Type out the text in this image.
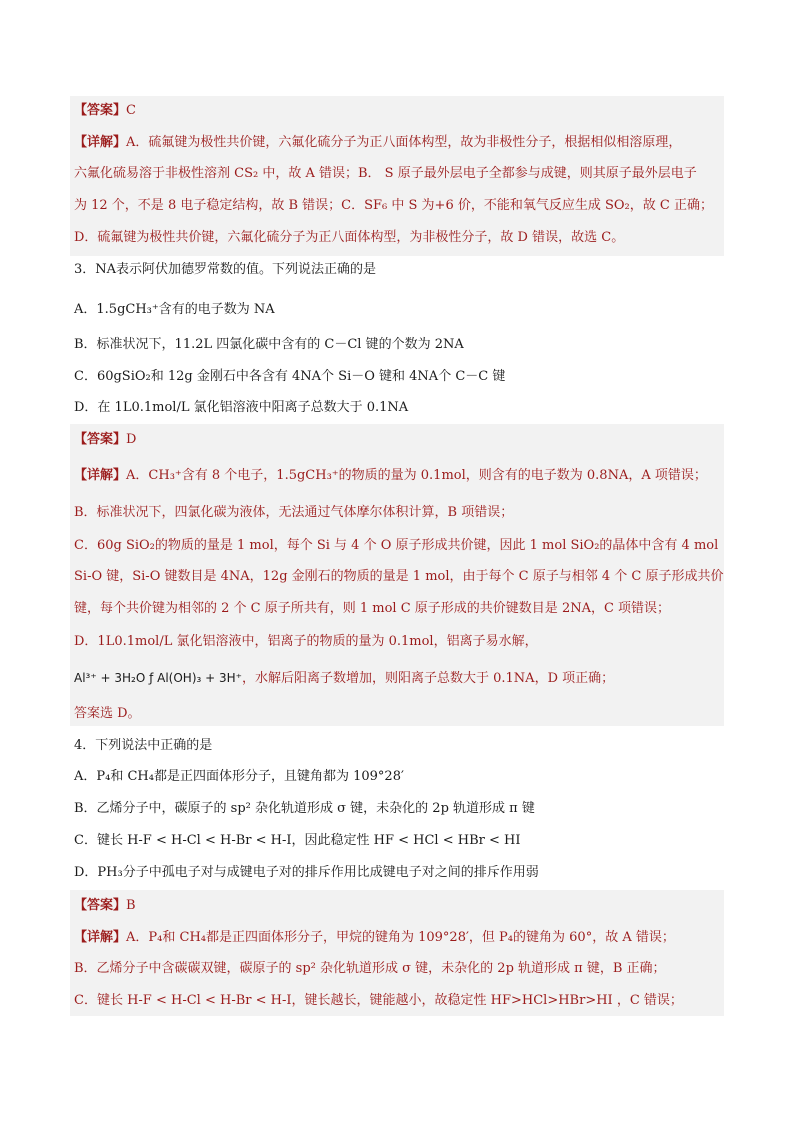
【答案】C
【详解】A．硫氟键为极性共价键，六氟化硫分子为正八面体构型，故为非极性分子，根据相似相溶原理，
六氟化硫易溶于非极性溶剂 CS₂ 中，故 A 错误；B． S 原子最外层电子全都参与成键，则其原子最外层电子
为 12 个，不是 8 电子稳定结构，故 B 错误；C．SF₆ 中 S 为+6 价，不能和氧气反应生成 SO₂，故 C 正确；
D．硫氟键为极性共价键，六氟化硫分子为正八面体构型，为非极性分子，故 D 错误，故选 C。
3．NA表示阿伏加德罗常数的值。下列说法正确的是
A．1.5gCH₃⁺含有的电子数为 NA
B．标准状况下，11.2L 四氯化碳中含有的 C－Cl 键的个数为 2NA
C．60gSiO₂和 12g 金刚石中各含有 4NA个 Si－O 键和 4NA个 C－C 键
D．在 1L0.1mol/L 氯化铝溶液中阳离子总数大于 0.1NA
【答案】D
【详解】A．CH₃⁺含有 8 个电子，1.5gCH₃⁺的物质的量为 0.1mol，则含有的电子数为 0.8NA，A 项错误；
B．标准状况下，四氯化碳为液体，无法通过气体摩尔体积计算，B 项错误；
C．60g SiO₂的物质的量是 1 mol，每个 Si 与 4 个 O 原子形成共价键，因此 1 mol SiO₂的晶体中含有 4 mol
Si-O 键，Si-O 键数目是 4NA，12g 金刚石的物质的量是 1 mol，由于每个 C 原子与相邻 4 个 C 原子形成共价
键，每个共价键为相邻的 2 个 C 原子所共有，则 1 mol C 原子形成的共价键数目是 2NA，C 项错误；
D．1L0.1mol/L 氯化铝溶液中，铝离子的物质的量为 0.1mol，铝离子易水解，
Al³⁺ + 3H₂O ƒ Al(OH)₃ + 3H⁺，水解后阳离子数增加，则阳离子总数大于 0.1NA，D 项正确；
答案选 D。
4．下列说法中正确的是
A．P₄和 CH₄都是正四面体形分子，且键角都为 109°28′
B．乙烯分子中，碳原子的 sp² 杂化轨道形成 σ 键，未杂化的 2p 轨道形成 π 键
C．键长 H-F < H-Cl < H-Br < H-I，因此稳定性 HF < HCl < HBr < HI
D．PH₃分子中孤电子对与成键电子对的排斥作用比成键电子对之间的排斥作用弱
【答案】B
【详解】A．P₄和 CH₄都是正四面体形分子，甲烷的键角为 109°28′，但 P₄的键角为 60°，故 A 错误；
B．乙烯分子中含碳碳双键，碳原子的 sp² 杂化轨道形成 σ 键，未杂化的 2p 轨道形成 π 键，B 正确；
C．键长 H-F < H-Cl < H-Br < H-I，键长越长，键能越小，故稳定性 HF>HCl>HBr>HI ，C 错误；
